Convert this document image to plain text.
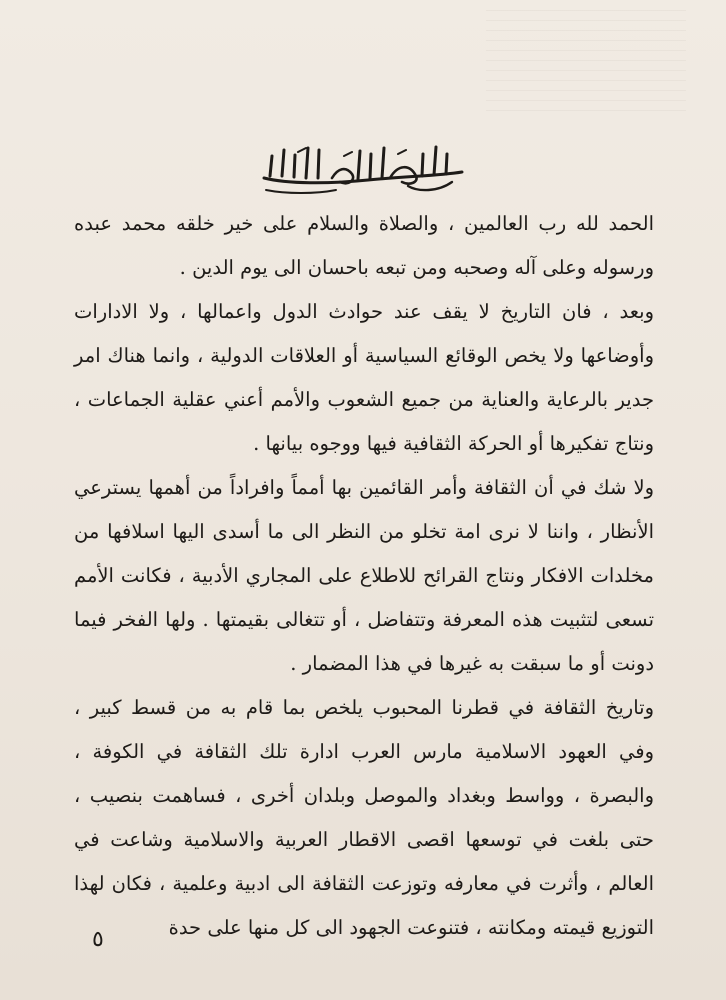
الحمد لله رب العالمين ، والصلاة والسلام على خير خلقه محمد عبده ورسوله وعلى آله وصحبه ومن تبعه باحسان الى يوم الدين .

وبعد ، فان التاريخ لا يقف عند حوادث الدول واعمالها ، ولا الادارات وأوضاعها ولا يخص الوقائع السياسية أو العلاقات الدولية ، وانما هناك امر جدير بالرعاية والعناية من جميع الشعوب والأمم أعني عقلية الجماعات ، ونتاج تفكيرها أو الحركة الثقافية فيها ووجوه بيانها .

ولا شك في أن الثقافة وأمر القائمين بها أمماً وافراداً من أهمها يسترعي الأنظار ، واننا لا نرى امة تخلو من النظر الى ما أسدى اليها اسلافها من مخلدات الافكار ونتاج القرائح للاطلاع على المجاري الأدبية ، فكانت الأمم تسعى لتثبيت هذه المعرفة وتتفاضل ، أو تتغالى بقيمتها . ولها الفخر فيما دونت أو ما سبقت به غيرها في هذا المضمار .

وتاريخ الثقافة في قطرنا المحبوب يلخص بما قام به من قسط كبير ، وفي العهود الاسلامية مارس العرب ادارة تلك الثقافة في الكوفة ، والبصرة ، وواسط وبغداد والموصل وبلدان أخرى ، فساهمت بنصيب ، حتى بلغت في توسعها اقصى الاقطار العربية والاسلامية وشاعت في العالم ، وأثرت في معارفه وتوزعت الثقافة الى ادبية وعلمية ، فكان لهذا التوزيع قيمته ومكانته ، فتنوعت الجهود الى كل منها على حدة

٥
